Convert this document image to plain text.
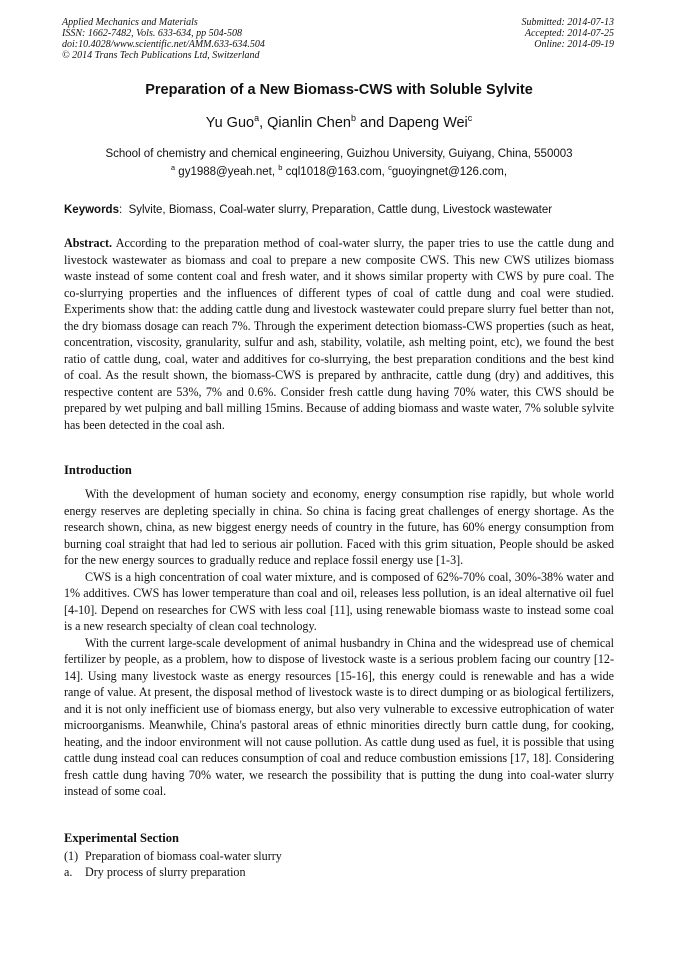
Applied Mechanics and Materials
ISSN: 1662-7482, Vols. 633-634, pp 504-508
doi:10.4028/www.scientific.net/AMM.633-634.504
© 2014 Trans Tech Publications Ltd, Switzerland
Submitted: 2014-07-13
Accepted: 2014-07-25
Online: 2014-09-19
Preparation of a New Biomass-CWS with Soluble Sylvite
Yu Guo$^a$, Qianlin Chen$^b$ and Dapeng Wei$^c$
School of chemistry and chemical engineering, Guizhou University, Guiyang, China, 550003
$^a$ gy1988@yeah.net, $^b$ cql1018@163.com, $^c$guoyingnet@126.com,
Keywords:  Sylvite, Biomass, Coal-water slurry, Preparation, Cattle dung, Livestock wastewater
Abstract. According to the preparation method of coal-water slurry, the paper tries to use the cattle dung and livestock wastewater as biomass and coal to prepare a new composite CWS. This new CWS utilizes biomass waste instead of some content coal and fresh water, and it shows similar property with CWS by pure coal. The co-slurrying properties and the influences of different types of coal of cattle dung and coal were studied. Experiments show that: the adding cattle dung and livestock wastewater could prepare slurry fuel better than not, the dry biomass dosage can reach 7%. Through the experiment detection biomass-CWS properties (such as heat, concentration, viscosity, granularity, sulfur and ash, stability, volatile, ash melting point, etc), we found the best ratio of cattle dung, coal, water and additives for co-slurrying, the best preparation conditions and the best kind of coal. As the result shown, the biomass-CWS is prepared by anthracite, cattle dung (dry) and additives, this respective content are 53%, 7% and 0.6%. Consider fresh cattle dung having 70% water, this CWS should be prepared by wet pulping and ball milling 15mins. Because of adding biomass and waste water, 7% soluble sylvite has been detected in the coal ash.
Introduction

With the development of human society and economy, energy consumption rise rapidly, but whole world energy reserves are depleting specially in china. So china is facing great challenges of energy shortage. As the research shown, china, as new biggest energy needs of country in the future, has 60% energy consumption from burning coal straight that had led to serious air pollution. Faced with this grim situation, People should be asked for the new energy sources to gradually reduce and replace fossil energy use [1-3].

CWS is a high concentration of coal water mixture, and is composed of 62%-70% coal, 30%-38% water and 1% additives. CWS has lower temperature than coal and oil, releases less pollution, is an ideal alternative oil fuel [4-10]. Depend on researches for CWS with less coal [11], using renewable biomass waste to instead some coal is a new research specialty of clean coal technology.

With the current large-scale development of animal husbandry in China and the widespread use of chemical fertilizer by people, as a problem, how to dispose of livestock waste is a serious problem facing our country [12-14]. Using many livestock waste as energy resources [15-16], this energy could is renewable and has a wide range of value. At present, the disposal method of livestock waste is to direct dumping or as biological fertilizers, and it is not only inefficient use of biomass energy, but also very vulnerable to excessive eutrophication of water microorganisms. Meanwhile, China's pastoral areas of ethnic minorities directly burn cattle dung, for cooking, heating, and the indoor environment will not cause pollution. As cattle dung used as fuel, it is possible that using cattle dung instead coal can reduces consumption of coal and reduce combustion emissions [17, 18]. Considering fresh cattle dung having 70% water, we research the possibility that is putting the dung into coal-water slurry instead of some coal.

Experimental Section
(1) Preparation of biomass coal-water slurry
a. Dry process of slurry preparation
